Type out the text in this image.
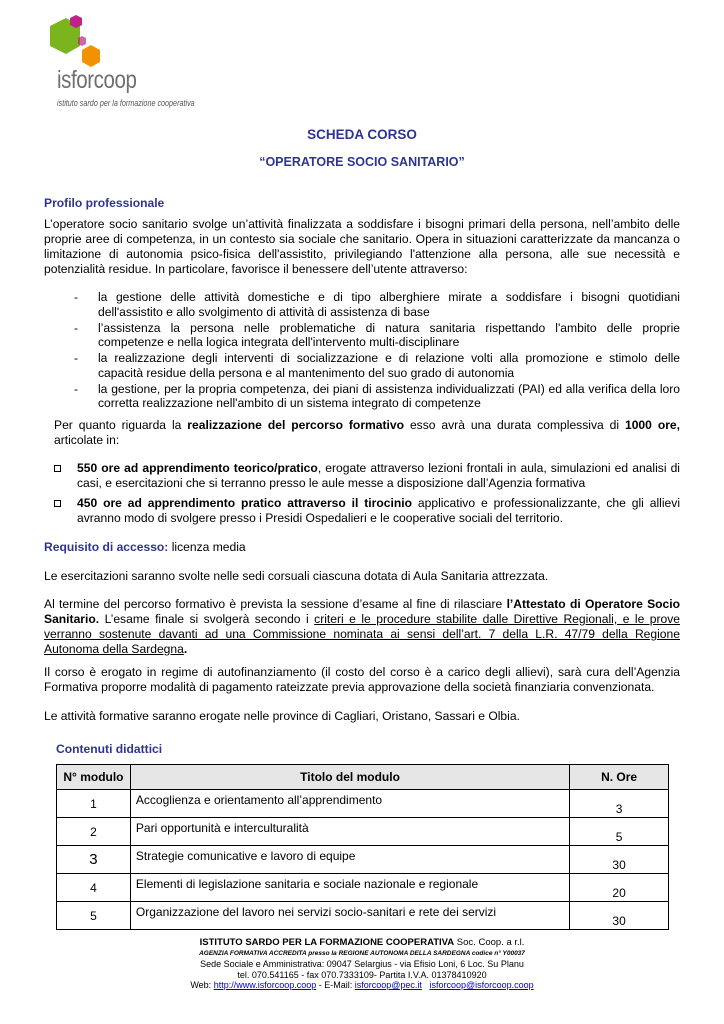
isforcoop
istituto sardo per la formazione cooperativa
SCHEDA CORSO
“OPERATORE SOCIO SANITARIO”
Profilo professionale
L’operatore socio sanitario svolge un’attività finalizzata a soddisfare i bisogni primari della persona, nell’ambito delle
proprie aree di competenza, in un contesto sia sociale che sanitario. Opera in situazioni caratterizzate da mancanza o
limitazione di autonomia psico-fisica dell'assistito, privilegiando l'attenzione alla persona, alle sue necessità e
potenzialità residue. In particolare, favorisce il benessere dell’utente attraverso:
- la gestione delle attività domestiche e di tipo alberghiere mirate a soddisfare i bisogni quotidiani
dell'assistito e allo svolgimento di attività di assistenza di base
- l’assistenza la persona nelle problematiche di natura sanitaria rispettando l'ambito delle proprie
competenze e nella logica integrata dell'intervento multi-disciplinare
- la realizzazione degli interventi di socializzazione e di relazione volti alla promozione e stimolo delle
capacità residue della persona e al mantenimento del suo grado di autonomia
- la gestione, per la propria competenza, dei piani di assistenza individualizzati (PAI) ed alla verifica della loro
corretta realizzazione nell'ambito di un sistema integrato di competenze
Per quanto riguarda la realizzazione del percorso formativo esso avrà una durata complessiva di 1000 ore,
articolate in:
550 ore ad apprendimento teorico/pratico, erogate attraverso lezioni frontali in aula, simulazioni ed analisi di
casi, e esercitazioni che si terranno presso le aule messe a disposizione dall’Agenzia formativa
450 ore ad apprendimento pratico attraverso il tirocinio applicativo e professionalizzante, che gli allievi
avranno modo di svolgere presso i Presidi Ospedalieri e le cooperative sociali del territorio.
Requisito di accesso: licenza media
Le esercitazioni saranno svolte nelle sedi corsuali ciascuna dotata di Aula Sanitaria attrezzata.
Al termine del percorso formativo è prevista la sessione d’esame al fine di rilasciare l’Attestato di Operatore Socio
Sanitario. L’esame finale si svolgerà secondo i criteri e le procedure stabilite dalle Direttive Regionali, e le prove
verranno sostenute davanti ad una Commissione nominata ai sensi dell’art. 7 della L.R. 47/79 della Regione
Autonoma della Sardegna.
Il corso è erogato in regime di autofinanziamento (il costo del corso è a carico degli allievi), sarà cura dell’Agenzia
Formativa proporre modalità di pagamento rateizzate previa approvazione della società finanziaria convenzionata.
Le attività formative saranno erogate nelle province di Cagliari, Oristano, Sassari e Olbia.
Contenuti didattici
N° modulo	Titolo del modulo	N. Ore
1	Accoglienza e orientamento all’apprendimento	3
2	Pari opportunità e interculturalità	5
3	Strategie comunicative e lavoro di equipe	30
4	Elementi di legislazione sanitaria e sociale nazionale e regionale	20
5	Organizzazione del lavoro nei servizi socio-sanitari e rete dei servizi	30
ISTITUTO SARDO PER LA FORMAZIONE COOPERATIVA Soc. Coop. a r.l.
AGENZIA FORMATIVA ACCREDITA presso la REGIONE AUTONOMA DELLA SARDEGNA codice n° Y00037
Sede Sociale e Amministrativa: 09047 Selargius - via Efisio Loni, 6 Loc. Su Planu
tel. 070.541165 - fax 070.7333109- Partita I.V.A. 01378410920
Web: http://www.isforcoop.coop - E-Mail: isforcoop@pec.it isforcoop@isforcoop.coop
